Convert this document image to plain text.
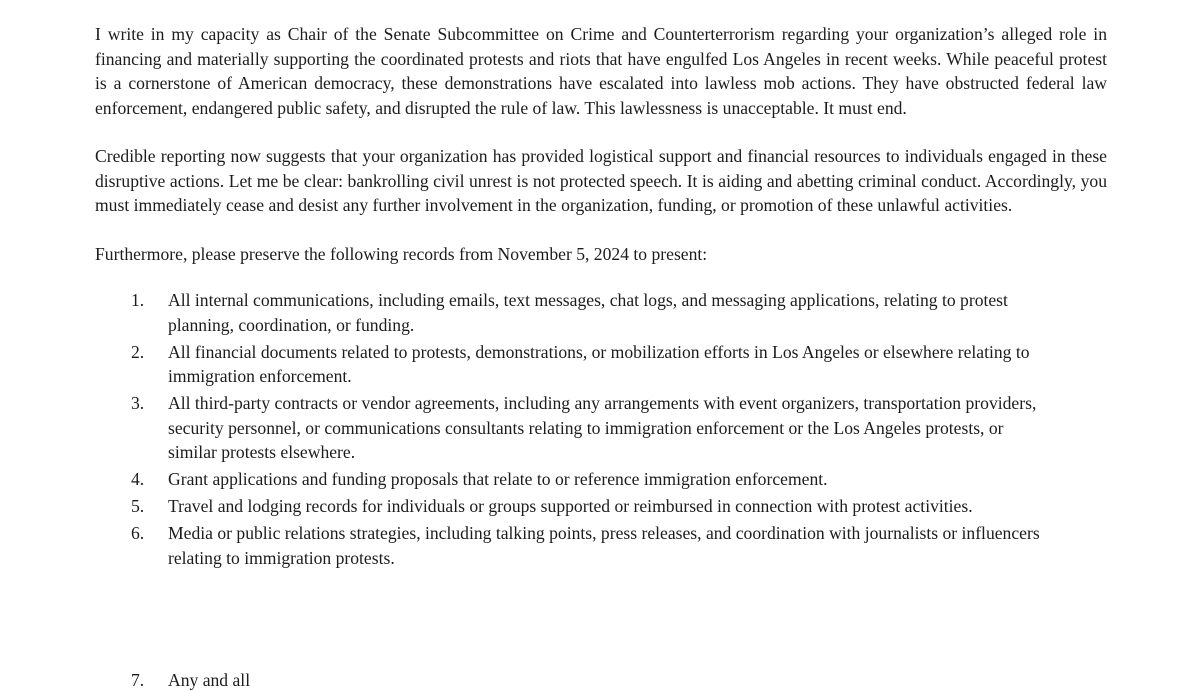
I write in my capacity as Chair of the Senate Subcommittee on Crime and Counterterrorism regarding your organization’s alleged role in financing and materially supporting the coordinated protests and riots that have engulfed Los Angeles in recent weeks. While peaceful protest is a cornerstone of American democracy, these demonstrations have escalated into lawless mob actions. They have obstructed federal law enforcement, endangered public safety, and disrupted the rule of law. This lawlessness is unacceptable. It must end.

Credible reporting now suggests that your organization has provided logistical support and financial resources to individuals engaged in these disruptive actions. Let me be clear: bankrolling civil unrest is not protected speech. It is aiding and abetting criminal conduct. Accordingly, you must immediately cease and desist any further involvement in the organization, funding, or promotion of these unlawful activities.

Furthermore, please preserve the following records from November 5, 2024 to present:

1.	All internal communications, including emails, text messages, chat logs, and messaging applications, relating to protest planning, coordination, or funding.
2.	All financial documents related to protests, demonstrations, or mobilization efforts in Los Angeles or elsewhere relating to immigration enforcement.
3.	All third-party contracts or vendor agreements, including any arrangements with event organizers, transportation providers, security personnel, or communications consultants relating to immigration enforcement or the Los Angeles protests, or similar protests elsewhere.
4.	Grant applications and funding proposals that relate to or reference immigration enforcement.
5.	Travel and lodging records for individuals or groups supported or reimbursed in connection with protest activities.
6.	Media or public relations strategies, including talking points, press releases, and coordination with journalists or influencers relating to immigration protests.
7. Any and all
